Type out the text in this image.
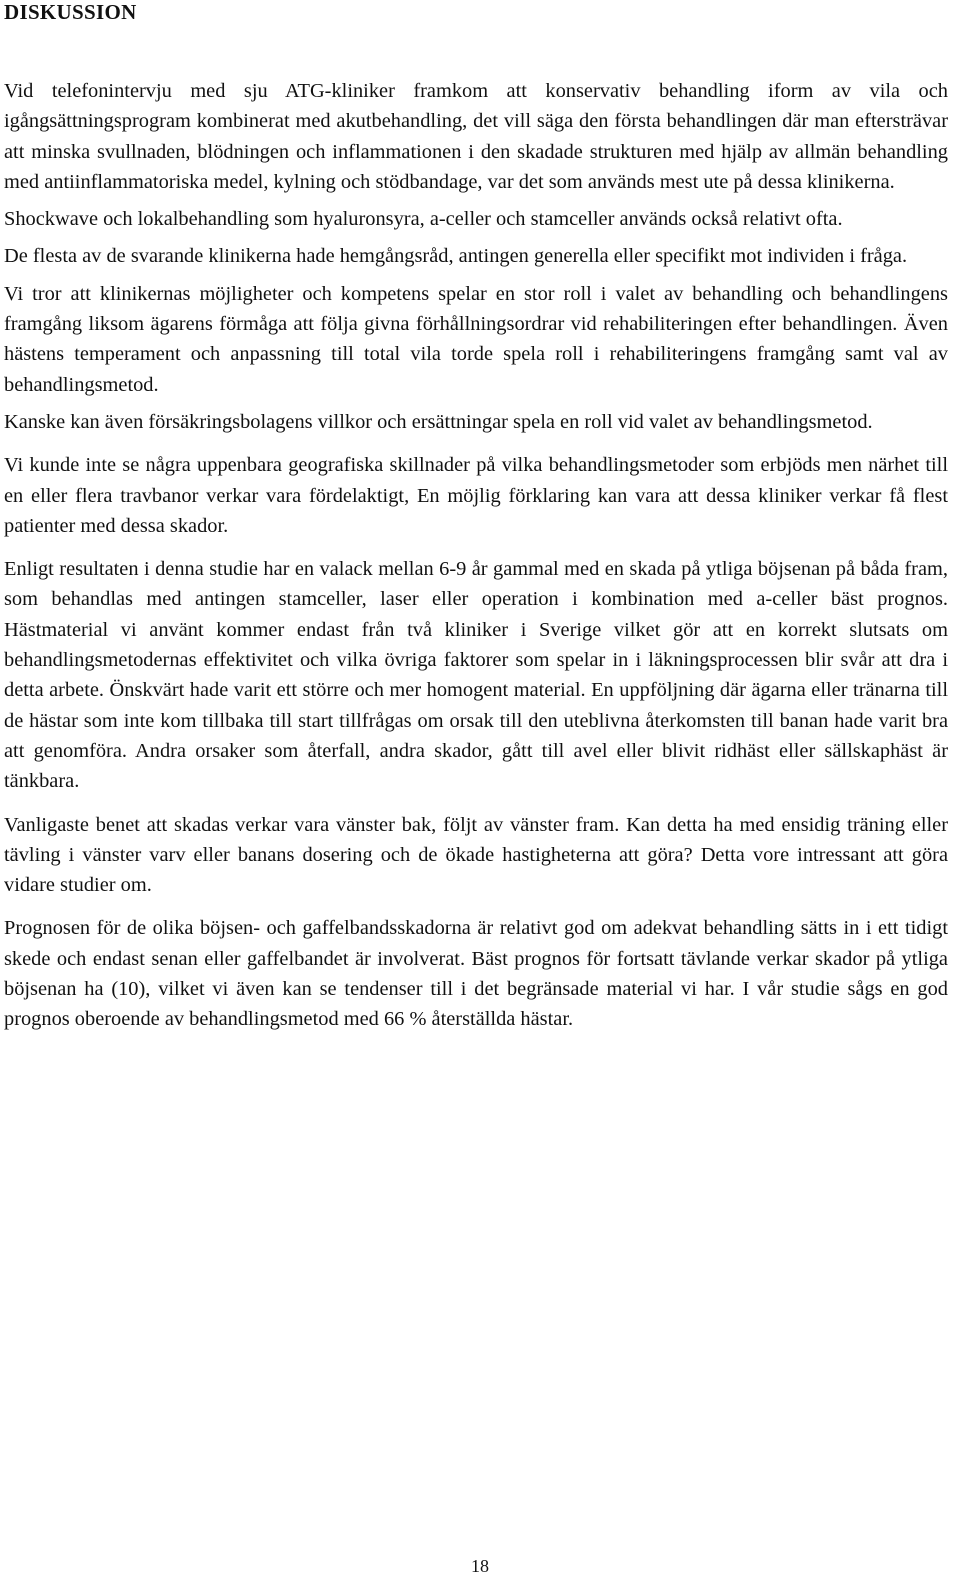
DISKUSSION

Vid telefonintervju med sju ATG-kliniker framkom att konservativ behandling iform av vila och igångsättningsprogram kombinerat med akutbehandling, det vill säga den första behandlingen där man eftersträvar att minska svullnaden, blödningen och inflammationen i den skadade strukturen med hjälp av allmän behandling med antiinflammatoriska medel, kylning och stödbandage, var det som används mest ute på dessa klinikerna.

Shockwave och lokalbehandling som hyaluronsyra, a-celler och stamceller används också relativt ofta.

De flesta av de svarande klinikerna hade hemgångsråd, antingen generella eller specifikt mot individen i fråga.

Vi tror att klinikernas möjligheter och kompetens spelar en stor roll i valet av behandling och behandlingens framgång liksom ägarens förmåga att följa givna förhållningsordrar vid rehabiliteringen efter behandlingen. Även hästens temperament och anpassning till total vila torde spela roll i rehabiliteringens framgång samt val av behandlingsmetod.

Kanske kan även försäkringsbolagens villkor och ersättningar spela en roll vid valet av behandlingsmetod.

Vi kunde inte se några uppenbara geografiska skillnader på vilka behandlingsmetoder som erbjöds men närhet till en eller flera travbanor verkar vara fördelaktigt, En möjlig förklaring kan vara att dessa kliniker verkar få flest patienter med dessa skador.

Enligt resultaten i denna studie har en valack mellan 6-9 år gammal med en skada på ytliga böjsenan på båda fram, som behandlas med antingen stamceller, laser eller operation i kombination med a-celler bäst prognos. Hästmaterial vi använt kommer endast från två kliniker i Sverige vilket gör att en korrekt slutsats om behandlingsmetodernas effektivitet och vilka övriga faktorer som spelar in i läkningsprocessen blir svår att dra i detta arbete. Önskvärt hade varit ett större och mer homogent material. En uppföljning där ägarna eller tränarna till de hästar som inte kom tillbaka till start tillfrågas om orsak till den uteblivna återkomsten till banan hade varit bra att genomföra. Andra orsaker som återfall, andra skador, gått till avel eller blivit ridhäst eller sällskaphäst är tänkbara.

Vanligaste benet att skadas verkar vara vänster bak, följt av vänster fram. Kan detta ha med ensidig träning eller tävling i vänster varv eller banans dosering och de ökade hastigheterna att göra? Detta vore intressant att göra vidare studier om.

Prognosen för de olika böjsen- och gaffelbandsskadorna är relativt god om adekvat behandling sätts in i ett tidigt skede och endast senan eller gaffelbandet är involverat. Bäst prognos för fortsatt tävlande verkar skador på ytliga böjsenan ha (10), vilket vi även kan se tendenser till i det begränsade material vi har. I vår studie sågs en god prognos oberoende av behandlingsmetod med 66 % återställda hästar.

18
